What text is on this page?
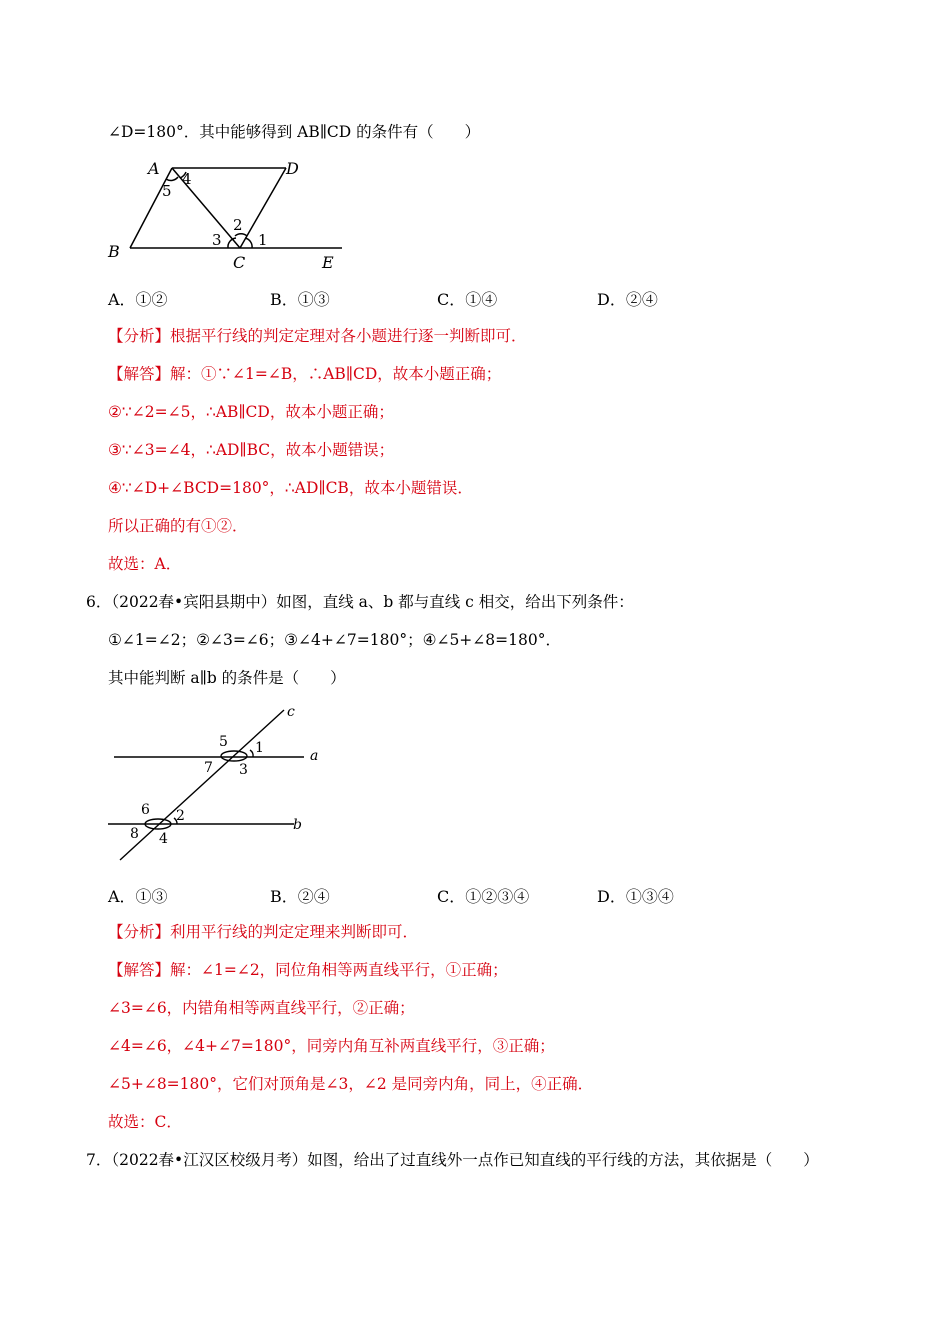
∠D=180°．其中能够得到 AB∥CD 的条件有（　　）
A	D
B
C	E
5
4
2
3 1
A．①②	B．①③	C．①④	D．②④
【分析】根据平行线的判定定理对各小题进行逐一判断即可．
【解答】解：①∵∠1=∠B，∴AB∥CD，故本小题正确；
②∵∠2=∠5，∴AB∥CD，故本小题正确；
③∵∠3=∠4，∴AD∥BC，故本小题错误；
④∵∠D+∠BCD=180°，∴AD∥CB，故本小题错误．
所以正确的有①②．
故选：A．
6．（2022春•宾阳县期中）如图，直线 a、b 都与直线 c 相交，给出下列条件：
①∠1=∠2；②∠3=∠6；③∠4+∠7=180°；④∠5+∠8=180°．
其中能判断 a∥b 的条件是（　　）
c
a
b
5 1
7 3
6 2
8 4
A．①③	B．②④	C．①②③④	D．①③④
【分析】利用平行线的判定定理来判断即可．
【解答】解：∠1=∠2，同位角相等两直线平行，①正确；
∠3=∠6，内错角相等两直线平行，②正确；
∠4=∠6，∠4+∠7=180°，同旁内角互补两直线平行，③正确；
∠5+∠8=180°，它们对顶角是∠3，∠2 是同旁内角，同上，④正确．
故选：C．
7．（2022春•江汉区校级月考）如图，给出了过直线外一点作已知直线的平行线的方法，其依据是（　　）
